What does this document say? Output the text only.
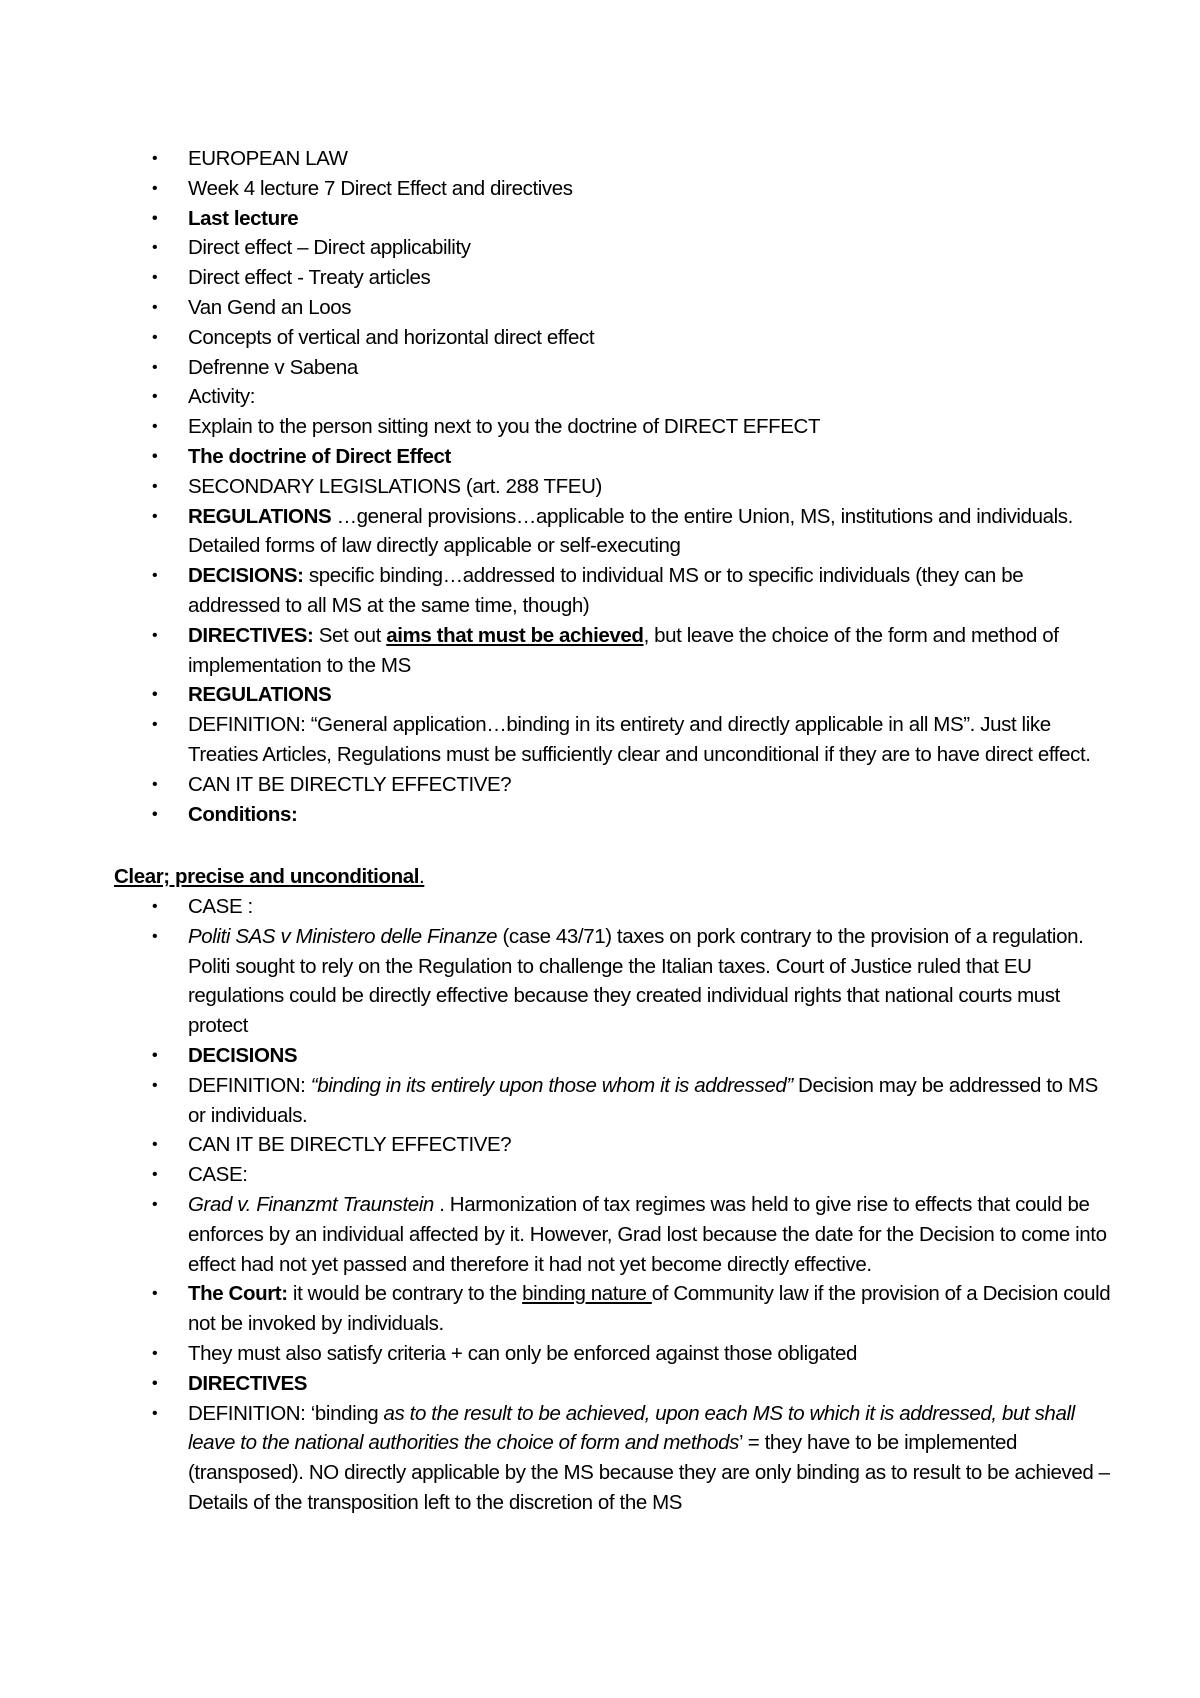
• EUROPEAN LAW
• Week 4 lecture 7 Direct Effect and directives
• Last lecture
• Direct effect – Direct applicability
• Direct effect - Treaty articles
• Van Gend an Loos
• Concepts of vertical and horizontal direct effect
• Defrenne v Sabena
• Activity:
• Explain to the person sitting next to you the doctrine of DIRECT EFFECT
• The doctrine of Direct Effect
• SECONDARY LEGISLATIONS (art. 288 TFEU)
• REGULATIONS …general provisions…applicable to the entire Union, MS, institutions and individuals. Detailed forms of law directly applicable or self-executing
• DECISIONS: specific binding…addressed to individual MS or to specific individuals (they can be addressed to all MS at the same time, though)
• DIRECTIVES: Set out aims that must be achieved, but leave the choice of the form and method of implementation to the MS
• REGULATIONS
• DEFINITION: “General application…binding in its entirety and directly applicable in all MS”. Just like Treaties Articles, Regulations must be sufficiently clear and unconditional if they are to have direct effect.
• CAN IT BE DIRECTLY EFFECTIVE?
• Conditions:
Clear; precise and unconditional.
• CASE :
• Politi SAS v Ministero delle Finanze (case 43/71) taxes on pork contrary to the provision of a regulation. Politi sought to rely on the Regulation to challenge the Italian taxes. Court of Justice ruled that EU regulations could be directly effective because they created individual rights that national courts must protect
• DECISIONS
• DEFINITION: “binding in its entirely upon those whom it is addressed” Decision may be addressed to MS or individuals.
• CAN IT BE DIRECTLY EFFECTIVE?
• CASE:
• Grad v. Finanzmt Traunstein . Harmonization of tax regimes was held to give rise to effects that could be enforces by an individual affected by it. However, Grad lost because the date for the Decision to come into effect had not yet passed and therefore it had not yet become directly effective.
• The Court: it would be contrary to the binding nature of Community law if the provision of a Decision could not be invoked by individuals.
• They must also satisfy criteria + can only be enforced against those obligated
• DIRECTIVES
• DEFINITION: ‘binding as to the result to be achieved, upon each MS to which it is addressed, but shall leave to the national authorities the choice of form and methods’ = they have to be implemented (transposed). NO directly applicable by the MS because they are only binding as to result to be achieved – Details of the transposition left to the discretion of the MS
